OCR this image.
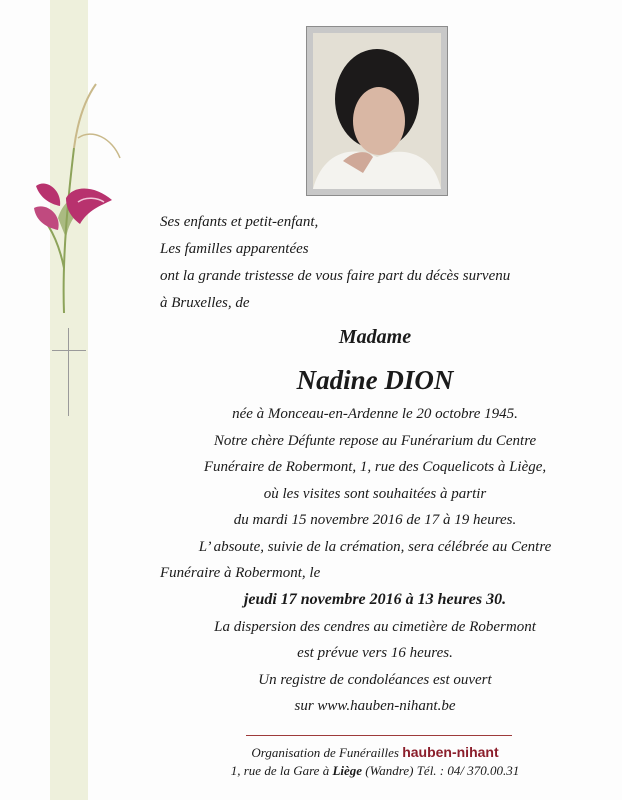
Ses enfants et petit-enfant,
Les familles apparentées
ont la grande tristesse de vous faire part du décès survenu
à Bruxelles, de
Madame
Nadine DION
née à Monceau-en-Ardenne le 20 octobre 1945.
Notre chère Défunte repose au Funérarium du Centre
Funéraire de Robermont, 1, rue des Coquelicots à Liège,
où les visites sont souhaitées à partir
du mardi 15 novembre 2016 de 17 à 19 heures.
L’ absoute, suivie de la crémation, sera célébrée au Centre
Funéraire à Robermont, le
jeudi 17 novembre 2016 à 13 heures 30.
La dispersion des cendres au cimetière de Robermont
est prévue vers 16 heures.
Un registre de condoléances est ouvert
sur www.hauben-nihant.be
Organisation de Funérailles hauben-nihant
1, rue de la Gare à Liège (Wandre) Tél. : 04/ 370.00.31
